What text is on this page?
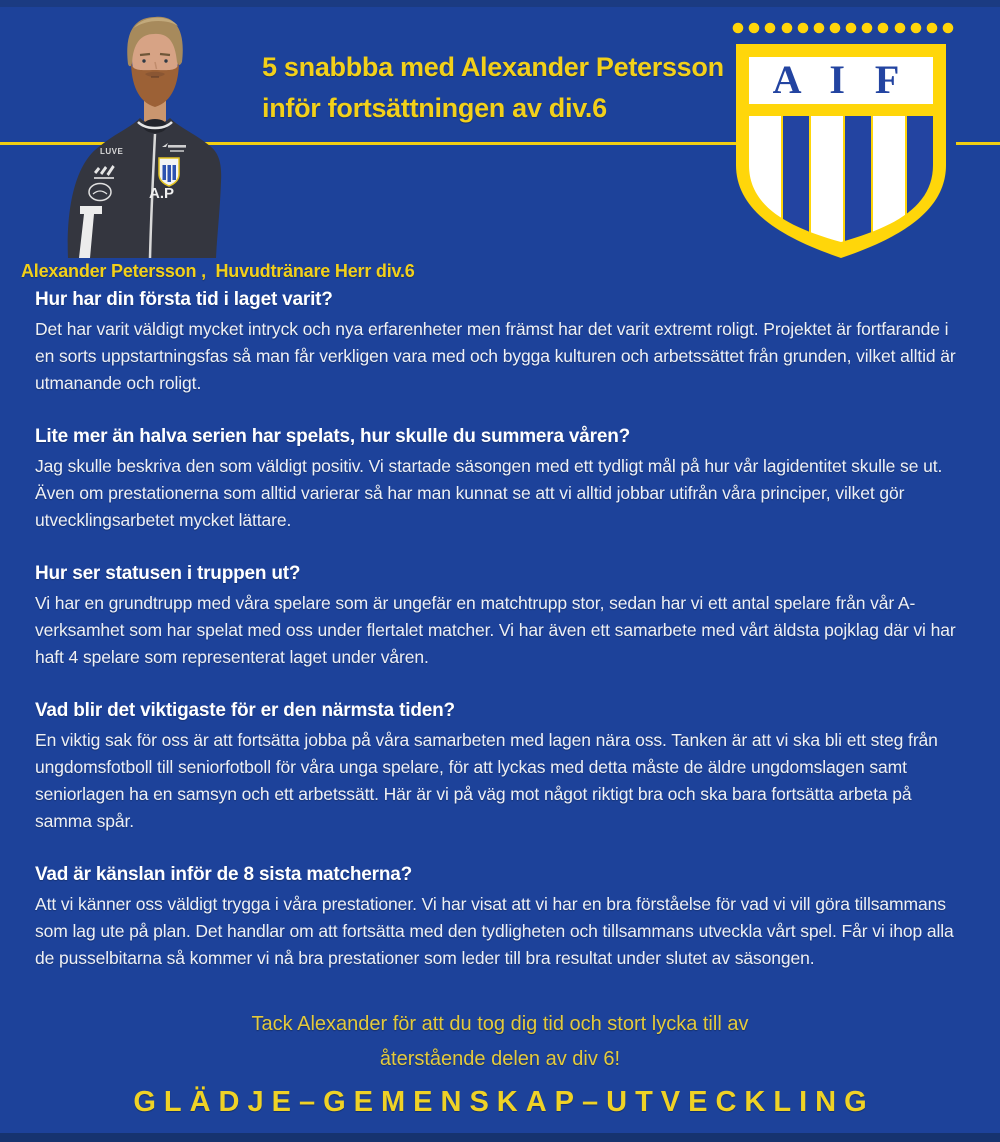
LUVE
A.P
5 snabbba med Alexander Petersson
inför fortsättningen av div.6
A I F
Alexander Petersson ,  Huvudtränare Herr div.6
Hur har din första tid i laget varit?

Det har varit väldigt mycket intryck och nya erfarenheter men främst har det varit extremt roligt. Projektet är fortfarande i en sorts uppstartningsfas så man får verkligen vara med och bygga kulturen och arbetssättet från grunden, vilket alltid är utmanande och roligt.

Lite mer än halva serien har spelats, hur skulle du summera våren?

Jag skulle beskriva den som väldigt positiv. Vi startade säsongen med ett tydligt mål på hur vår lagidentitet skulle se ut. Även om prestationerna som alltid varierar så har man kunnat se att vi alltid jobbar utifrån våra principer, vilket gör utvecklingsarbetet mycket lättare.

Hur ser statusen i truppen ut?

Vi har en grundtrupp med våra spelare som är ungefär en matchtrupp stor, sedan har vi ett antal spelare från vår A-verksamhet som har spelat med oss under flertalet matcher. Vi har även ett samarbete med vårt äldsta pojklag där vi har haft 4 spelare som representerat laget under våren.

Vad blir det viktigaste för er den närmsta tiden?

En viktig sak för oss är att fortsätta jobba på våra samarbeten med lagen nära oss. Tanken är att vi ska bli ett steg från ungdomsfotboll till seniorfotboll för våra unga spelare, för att lyckas med detta måste de äldre ungdomslagen samt seniorlagen ha en samsyn och ett arbetssätt. Här är vi på väg mot något riktigt bra och ska bara fortsätta arbeta på samma spår.

Vad är känslan inför de 8 sista matcherna?

Att vi känner oss väldigt trygga i våra prestationer. Vi har visat att vi har en bra förståelse för vad vi vill göra tillsammans som lag ute på plan. Det handlar om att fortsätta med den tydligheten och tillsammans utveckla vårt spel. Får vi ihop alla de pusselbitarna så kommer vi nå bra prestationer som leder till bra resultat under slutet av säsongen.

Tack Alexander för att du tog dig tid och stort lycka till av
återstående delen av div 6!
GLÄDJE–GEMENSKAP–UTVECKLING
